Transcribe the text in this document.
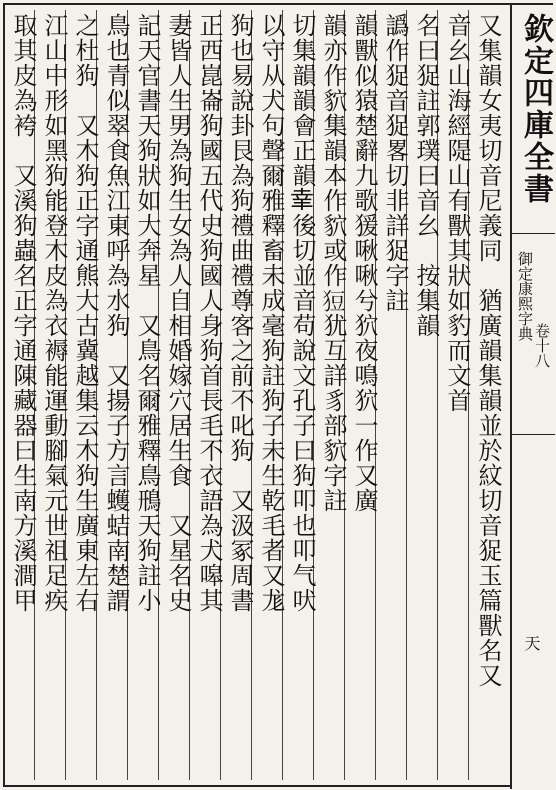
欽定四庫全書
御定康熙字典
卷十八
天
又集韻女夷切音尼義同　猶廣韻集韻並於紋切音㹱玉篇獸名又
音幺山海經隄山有獸其狀如豹而文首
名曰㹱註郭璞曰音幺　按集韻
譌作㹱音㹱畧切非詳㹱字註
韻獸似猿楚辭九歌猨啾啾兮狖夜鳴狖一作又廣
韻亦作貁集韻本作貁或作𤞟犹互詳豸部貁字註
切集韻韻會正韻𦍒後切並音苟說文孔子曰狗叩也叩气吠
以守从犬句聲爾雅釋畜未成毫狗註狗子未生乾毛者又尨
狗也易說卦艮為狗禮曲禮尊客之前不叱狗　又汲冢周書
正西崑崙狗國五代史狗國人身狗首長毛不衣語為犬嗥其
妻皆人生男為狗生女為人自相婚嫁穴居生食　又星名史
記天官書天狗狀如大奔星　又鳥名爾雅釋鳥鳽天狗註小
鳥也青似翠食魚江東呼為水狗　又揚子方言蠖蛣南楚謂
之杜狗　又木狗正字通熊大古冀越集云木狗生廣東左右
江山中形如黑狗能登木皮為衣褥能運動腳氣元世祖足疾
取其皮為袴　又溪狗蟲名正字通陳藏器曰生南方溪澗甲
